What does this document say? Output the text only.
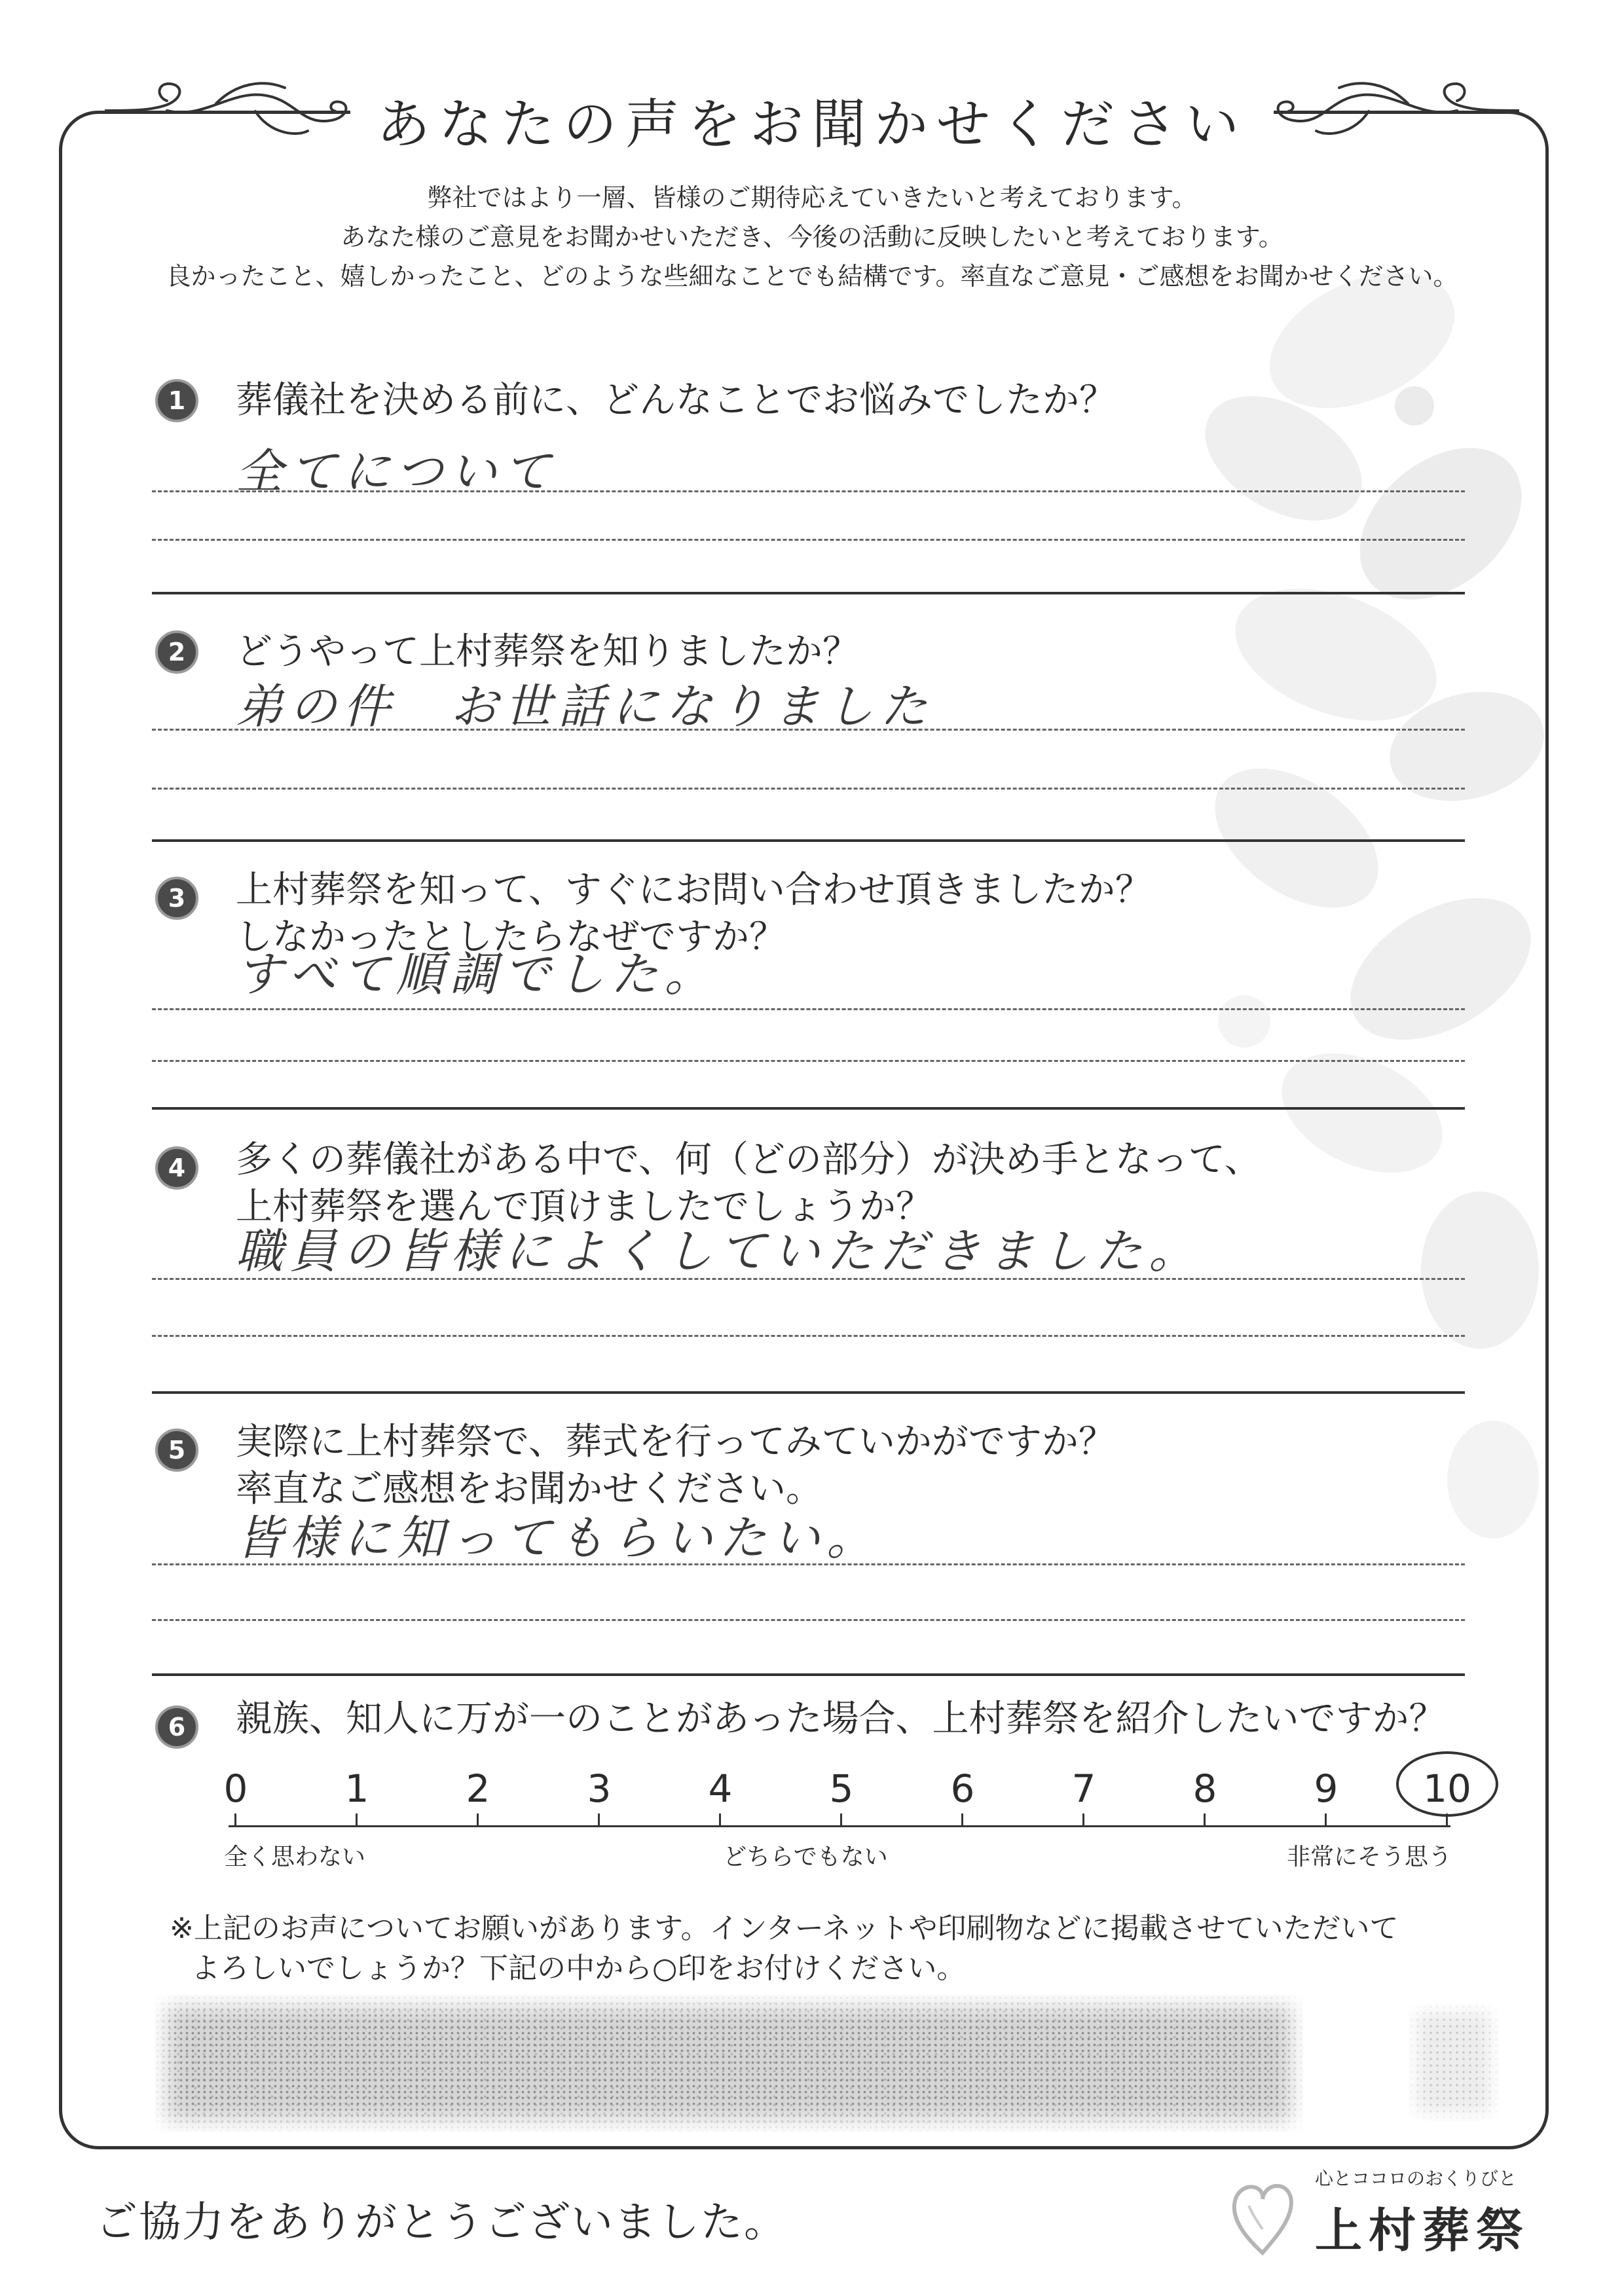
あなたの声をお聞かせください
弊社ではより一層、皆様のご期待応えていきたいと考えております。
あなた様のご意見をお聞かせいただき、今後の活動に反映したいと考えております。
良かったこと、嬉しかったこと、どのような些細なことでも結構です。率直なご意見・ご感想をお聞かせください。
1	葬儀社を決める前に、どんなことでお悩みでしたか？
全てについて
2	どうやって上村葬祭を知りましたか？
弟の件　お世話になりました
3	上村葬祭を知って、すぐにお問い合わせ頂きましたか？
しなかったとしたらなぜですか？
すべて順調でした。
4	多くの葬儀社がある中で、何（どの部分）が決め手となって、
上村葬祭を選んで頂けましたでしょうか？
職員の皆様によくしていただきました。
5	実際に上村葬祭で、葬式を行ってみていかがですか？
率直なご感想をお聞かせください。
皆様に知ってもらいたい。
6	親族、知人に万が一のことがあった場合、上村葬祭を紹介したいですか？
0	1	2	3	4	5	6	7	8	9	10
全く思わない	どちらでもない	非常にそう思う
※上記のお声についてお願いがあります。インターネットや印刷物などに掲載させていただいて
よろしいでしょうか？下記の中から○印をお付けください。
ご協力をありがとうございました。
心とココロのおくりびと
上村葬祭
